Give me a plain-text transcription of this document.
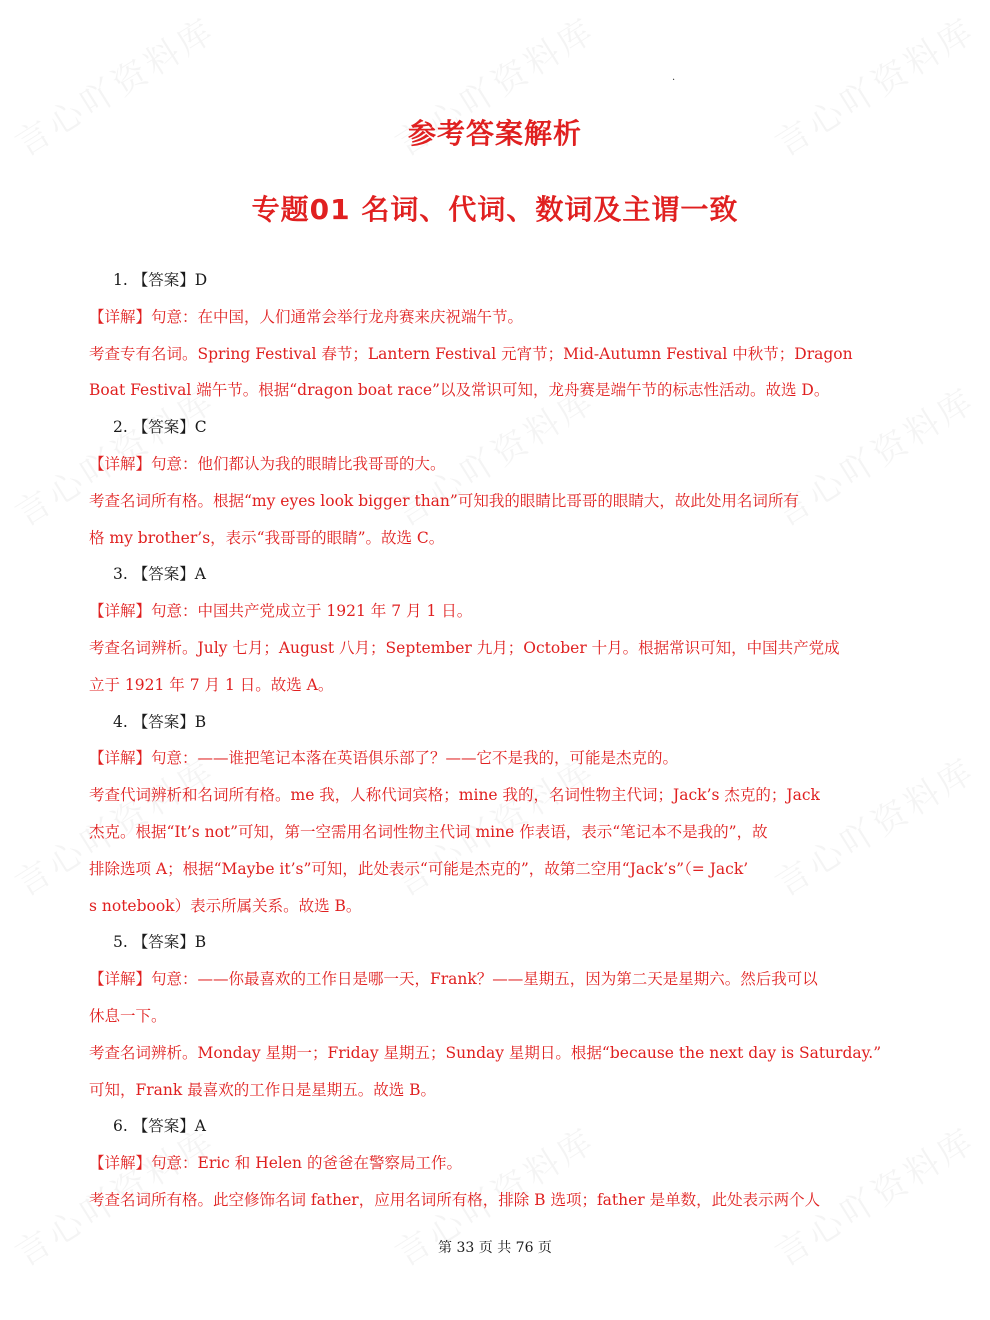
.
参考答案解析
专题01 名词、代词、数词及主谓一致
1. 【答案】D
【详解】句意：在中国，人们通常会举行龙舟赛来庆祝端午节。
考查专有名词。Spring Festival 春节；Lantern Festival 元宵节；Mid-Autumn Festival 中秋节；Dragon
Boat Festival 端午节。根据“dragon boat race”以及常识可知，龙舟赛是端午节的标志性活动。故选 D。
2. 【答案】C
【详解】句意：他们都认为我的眼睛比我哥哥的大。
考查名词所有格。根据“my eyes look bigger than”可知我的眼睛比哥哥的眼睛大，故此处用名词所有
格 my brother’s，表示“我哥哥的眼睛”。故选 C。
3. 【答案】A
【详解】句意：中国共产党成立于 1921 年 7 月 1 日。
考查名词辨析。July 七月；August 八月；September 九月；October 十月。根据常识可知，中国共产党成
立于 1921 年 7 月 1 日。故选 A。
4. 【答案】B
【详解】句意：——谁把笔记本落在英语俱乐部了？——它不是我的，可能是杰克的。
考查代词辨析和名词所有格。me 我，人称代词宾格；mine 我的，名词性物主代词；Jack’s 杰克的；Jack
杰克。根据“It’s not”可知，第一空需用名词性物主代词 mine 作表语，表示“笔记本不是我的”，故
排除选项 A；根据“Maybe it’s”可知，此处表示“可能是杰克的”，故第二空用“Jack’s”（= Jack’
s notebook）表示所属关系。故选 B。
5. 【答案】B
【详解】句意：——你最喜欢的工作日是哪一天，Frank？——星期五，因为第二天是星期六。然后我可以
休息一下。
考查名词辨析。Monday 星期一；Friday 星期五；Sunday 星期日。根据“because the next day is Saturday.”
可知，Frank 最喜欢的工作日是星期五。故选 B。
6. 【答案】A
【详解】句意：Eric 和 Helen 的爸爸在警察局工作。
考查名词所有格。此空修饰名词 father，应用名词所有格，排除 B 选项；father 是单数，此处表示两个人
第 33 页 共 76 页
